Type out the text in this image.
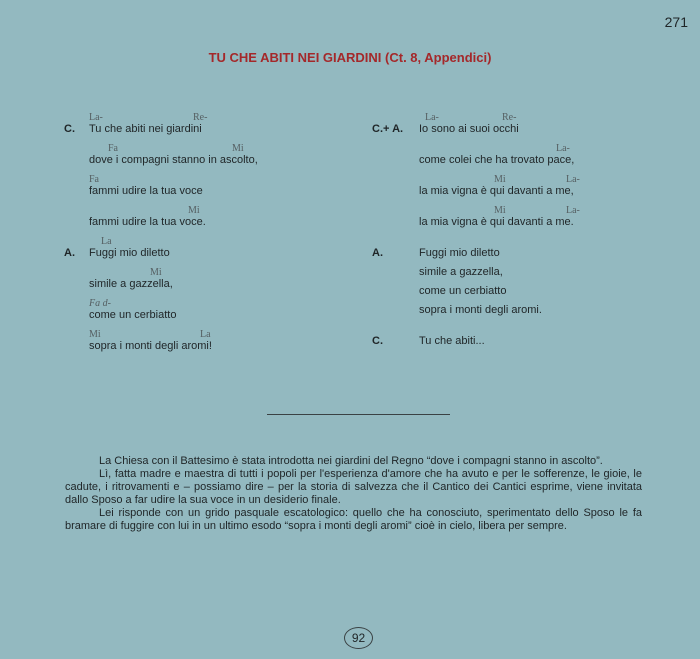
271
TU CHE ABITI NEI GIARDINI (Ct. 8, Appendici)
La-	Re-
C. Tu che abiti nei giardini
Fa	Mi
dove i compagni stanno in ascolto,
Fa
fammi udire la tua voce
Mi
fammi udire la tua voce.
La
A. Fuggi mio diletto
Mi
simile a gazzella,
Fa d-
come un cerbiatto
Mi	La
sopra i monti degli aromi!
La-	Re-
C.+ A. Io sono ai suoi occhi
La-
come colei che ha trovato pace,
Mi	La-
la mia vigna è qui davanti a me,
Mi	La-
la mia vigna è qui davanti a me.
A.	Fuggi mio diletto
simile a gazzella,
come un cerbiatto
sopra i monti degli aromi.
C.	Tu che abiti...

La Chiesa con il Battesimo è stata introdotta nei giardini del Regno “dove i compagni stanno in ascolto”.

Lì, fatta madre e maestra di tutti i popoli per l'esperienza d'amore che ha avuto e per le sofferenze, le gioie, le cadute, i ritrovamenti e – possiamo dire – per la storia di salvezza che il Cantico dei Cantici esprime, viene invitata dallo Sposo a far udire la sua voce in un desiderio finale.

Lei risponde con un grido pasquale escatologico: quello che ha conosciuto, sperimentato dello Sposo le fa bramare di fuggire con lui in un ultimo esodo “sopra i monti degli aromi” cioè in cielo, libera per sempre.

92
